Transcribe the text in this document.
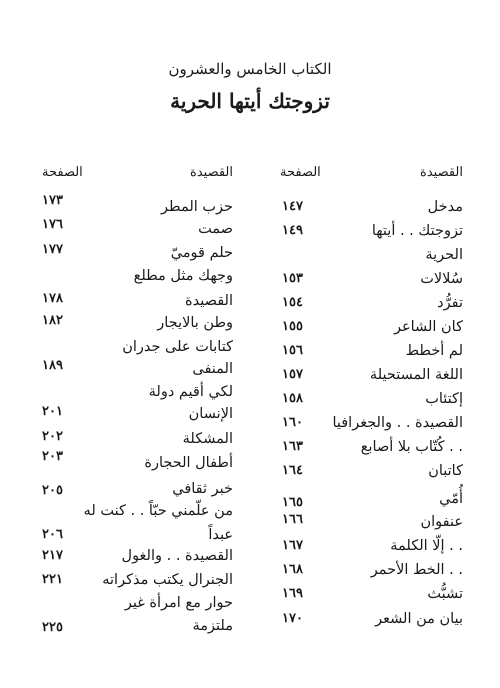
الكتاب الخامس والعشرون
تزوجتك أيتها الحرية
القصيدة
الصفحة
القصيدة
الصفحة
مدخل
١٤٧
تزوجتك . . أيتها
١٤٩
الحرية
سُلالات
١٥٣
تفرُّد
١٥٤
كان الشاعر
١٥٥
لم أخطط
١٥٦
اللغة المستحيلة
١٥٧
إكتئاب
١٥٨
القصيدة . . والجغرافيا
١٦٠
كُتّاب بلا أصابع . .
١٦٣
كاتبان
١٦٤
أُمّي
١٦٥
عنفوان
١٦٦
إلّا الكلمة . .
١٦٧
الخط الأحمر . .
١٦٨
تشبُّث
١٦٩
بيان من الشعر
١٧٠
حزب المطر
١٧٣
صمت
١٧٦
حلم قوميّ
١٧٧
وجهك مثل مطلع
القصيدة
١٧٨
وطن بالايجار
١٨٢
كتابات على جدران
المنفى
١٨٩
لكي أقيم دولة
الإنسان
٢٠١
المشكلة
٢٠٢
أطفال الحجارة
٢٠٣
خبر ثقافي
٢٠٥
من علّمني حبّاً . . كنت له
عبداً
٢٠٦
القصيدة . . والغول
٢١٧
الجنرال يكتب مذكراته
٢٢١
حوار مع امرأة غير
ملتزمة
٢٢٥
